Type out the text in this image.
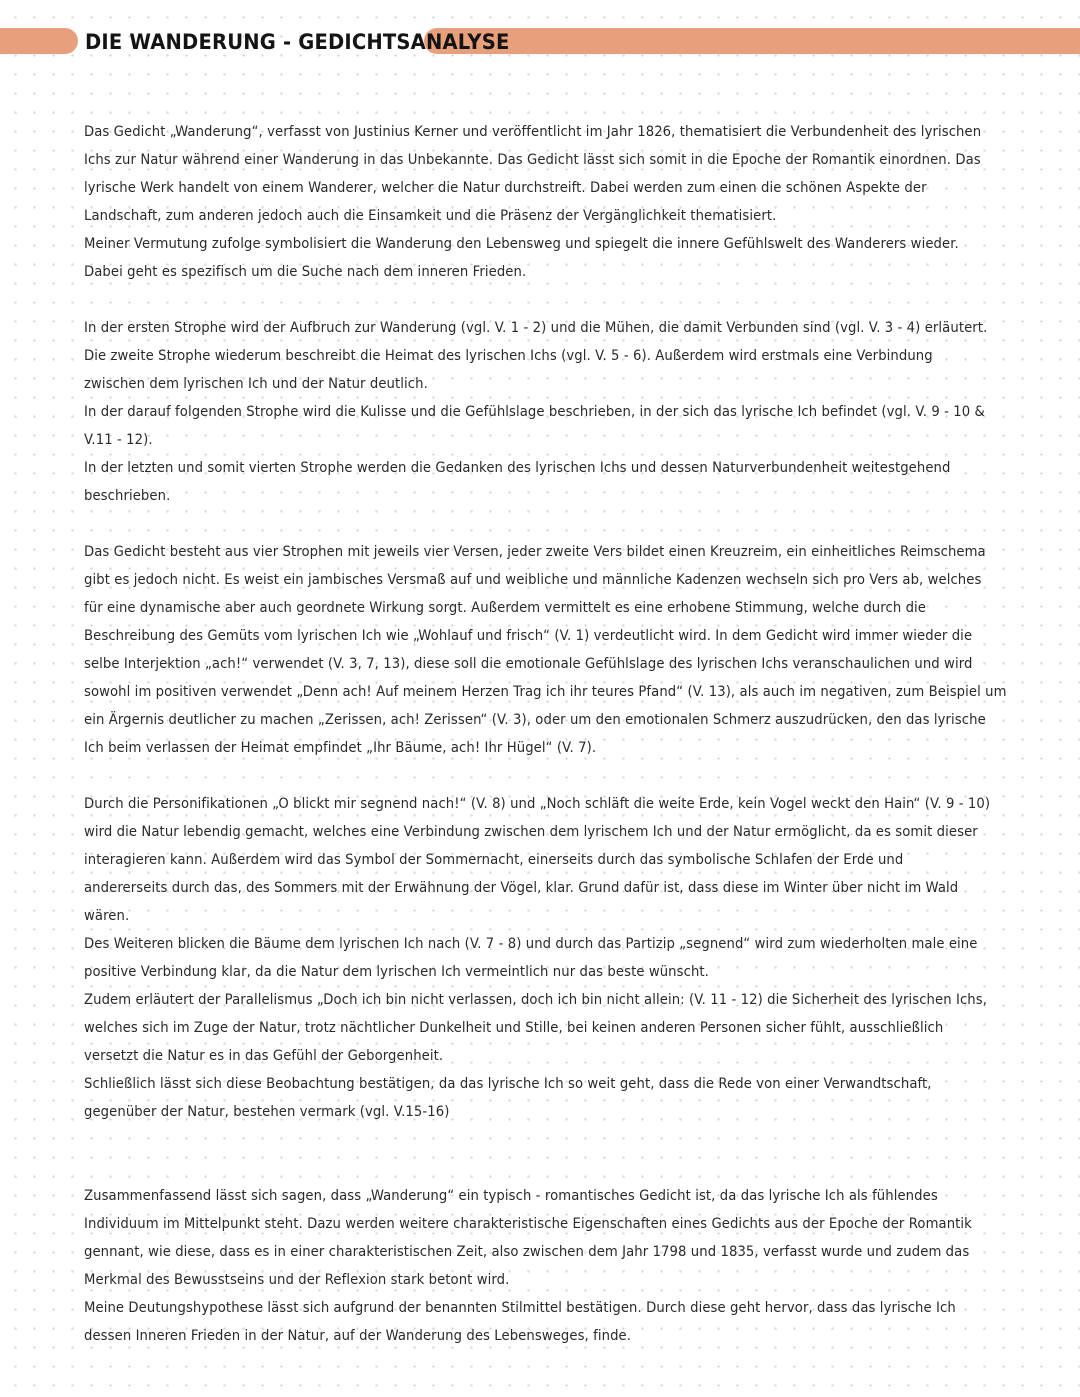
DIE WANDERUNG - GEDICHTSANALYSE
Das Gedicht „Wanderung“, verfasst von Justinius Kerner und veröffentlicht im Jahr 1826, thematisiert die Verbundenheit des lyrischen
Ichs zur Natur während einer Wanderung in das Unbekannte. Das Gedicht lässt sich somit in die Epoche der Romantik einordnen. Das
lyrische Werk handelt von einem Wanderer, welcher die Natur durchstreift. Dabei werden zum einen die schönen Aspekte der
Landschaft, zum anderen jedoch auch die Einsamkeit und die Präsenz der Vergänglichkeit thematisiert.
Meiner Vermutung zufolge symbolisiert die Wanderung den Lebensweg und spiegelt die innere Gefühlswelt des Wanderers wieder.
Dabei geht es spezifisch um die Suche nach dem inneren Frieden.
In der ersten Strophe wird der Aufbruch zur Wanderung (vgl. V. 1 - 2) und die Mühen, die damit Verbunden sind (vgl. V. 3 - 4) erläutert.
Die zweite Strophe wiederum beschreibt die Heimat des lyrischen Ichs (vgl. V. 5 - 6). Außerdem wird erstmals eine Verbindung
zwischen dem lyrischen Ich und der Natur deutlich.
In der darauf folgenden Strophe wird die Kulisse und die Gefühlslage beschrieben, in der sich das lyrische Ich befindet (vgl. V. 9 - 10 &
V.11 - 12).
In der letzten und somit vierten Strophe werden die Gedanken des lyrischen Ichs und dessen Naturverbundenheit weitestgehend
beschrieben.
Das Gedicht besteht aus vier Strophen mit jeweils vier Versen, jeder zweite Vers bildet einen Kreuzreim, ein einheitliches Reimschema
gibt es jedoch nicht. Es weist ein jambisches Versmaß auf und weibliche und männliche Kadenzen wechseln sich pro Vers ab, welches
für eine dynamische aber auch geordnete Wirkung sorgt. Außerdem vermittelt es eine erhobene Stimmung, welche durch die
Beschreibung des Gemüts vom lyrischen Ich wie „Wohlauf und frisch“ (V. 1) verdeutlicht wird. In dem Gedicht wird immer wieder die
selbe Interjektion „ach!“ verwendet (V. 3, 7, 13), diese soll die emotionale Gefühlslage des lyrischen Ichs veranschaulichen und wird
sowohl im positiven verwendet „Denn ach! Auf meinem Herzen Trag ich ihr teures Pfand“ (V. 13), als auch im negativen, zum Beispiel um
ein Ärgernis deutlicher zu machen „Zerissen, ach! Zerissen“ (V. 3), oder um den emotionalen Schmerz auszudrücken, den das lyrische
Ich beim verlassen der Heimat empfindet „Ihr Bäume, ach! Ihr Hügel“ (V. 7).
Durch die Personifikationen „O blickt mir segnend nach!“ (V. 8) und „Noch schläft die weite Erde, kein Vogel weckt den Hain“ (V. 9 - 10)
wird die Natur lebendig gemacht, welches eine Verbindung zwischen dem lyrischem Ich und der Natur ermöglicht, da es somit dieser
interagieren kann. Außerdem wird das Symbol der Sommernacht, einerseits durch das symbolische Schlafen der Erde und
andererseits durch das, des Sommers mit der Erwähnung der Vögel, klar. Grund dafür ist, dass diese im Winter über nicht im Wald
wären.
Des Weiteren blicken die Bäume dem lyrischen Ich nach (V. 7 - 8) und durch das Partizip „segnend“ wird zum wiederholten male eine
positive Verbindung klar, da die Natur dem lyrischen Ich vermeintlich nur das beste wünscht.
Zudem erläutert der Parallelismus „Doch ich bin nicht verlassen, doch ich bin nicht allein: (V. 11 - 12) die Sicherheit des lyrischen Ichs,
welches sich im Zuge der Natur, trotz nächtlicher Dunkelheit und Stille, bei keinen anderen Personen sicher fühlt, ausschließlich
versetzt die Natur es in das Gefühl der Geborgenheit.
Schließlich lässt sich diese Beobachtung bestätigen, da das lyrische Ich so weit geht, dass die Rede von einer Verwandtschaft,
gegenüber der Natur, bestehen vermark (vgl. V.15-16)
Zusammenfassend lässt sich sagen, dass „Wanderung“ ein typisch - romantisches Gedicht ist, da das lyrische Ich als fühlendes
Individuum im Mittelpunkt steht. Dazu werden weitere charakteristische Eigenschaften eines Gedichts aus der Epoche der Romantik
gennant, wie diese, dass es in einer charakteristischen Zeit, also zwischen dem Jahr 1798 und 1835, verfasst wurde und zudem das
Merkmal des Bewusstseins und der Reflexion stark betont wird.
Meine Deutungshypothese lässt sich aufgrund der benannten Stilmittel bestätigen. Durch diese geht hervor, dass das lyrische Ich
dessen Inneren Frieden in der Natur, auf der Wanderung des Lebensweges, finde.
